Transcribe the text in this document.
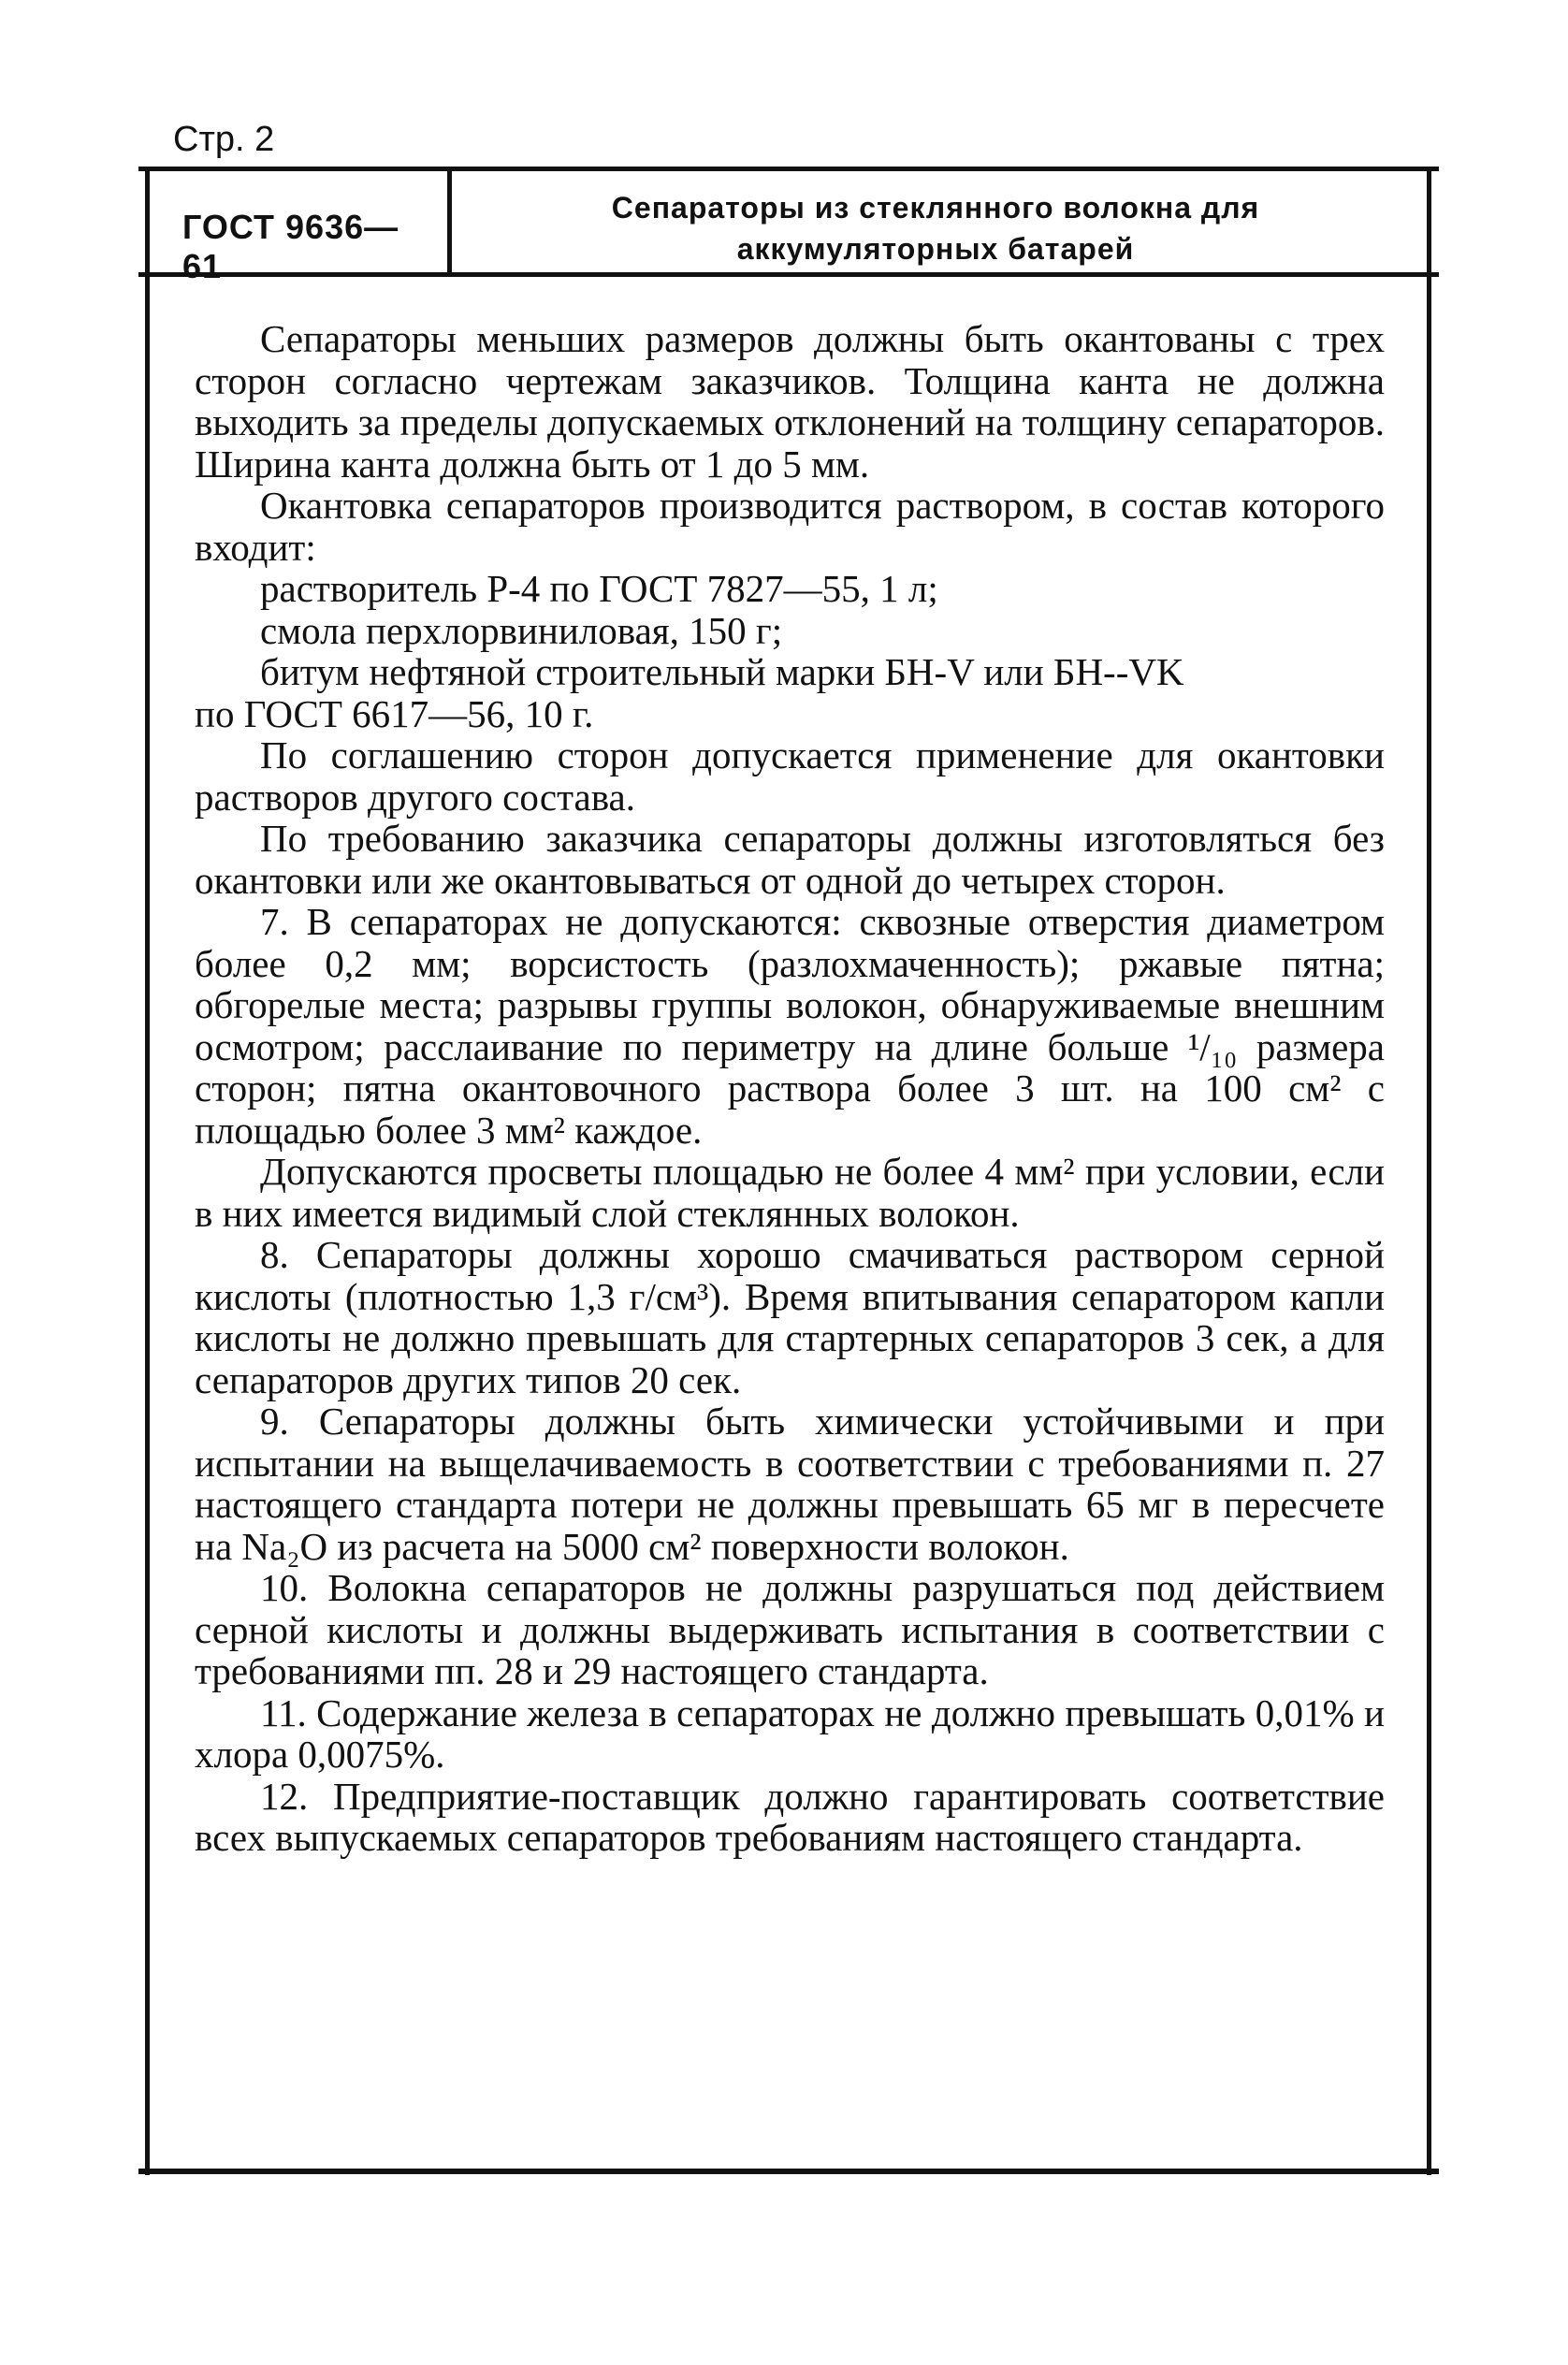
Стр. 2
ГОСТ 9636—61
Сепараторы из стеклянного волокна для
аккумуляторных батарей

Сепараторы меньших размеров должны быть окантованы с трех сторон согласно чертежам заказчиков. Толщина канта не должна выходить за пределы допускаемых отклонений на толщину сепараторов. Ширина канта должна быть от 1 до 5 мм.

Окантовка сепараторов производится раствором, в состав которого входит:

растворитель Р-4 по ГОСТ 7827—55, 1 л;

смола перхлорвиниловая, 150 г;

битум нефтяной строительный марки БН-V или БН--VK

по ГОСТ 6617—56, 10 г.

По соглашению сторон допускается применение для окантовки растворов другого состава.

По требованию заказчика сепараторы должны изготовляться без окантовки или же окантовываться от одной до четырех сторон.

7. В сепараторах не допускаются: сквозные отверстия диаметром более 0,2 мм; ворсистость (разлохмаченность); ржавые пятна; обгорелые места; разрывы группы волокон, обнаруживаемые внешним осмотром; расслаивание по периметру на длине больше ¹/₁₀ размера сторон; пятна окантовочного раствора более 3 шт. на 100 см² с площадью более 3 мм² каждое.

Допускаются просветы площадью не более 4 мм² при условии, если в них имеется видимый слой стеклянных волокон.

8. Сепараторы должны хорошо смачиваться раствором серной кислоты (плотностью 1,3 г/см³). Время впитывания сепаратором капли кислоты не должно превышать для стартерных сепараторов 3 сек, а для сепараторов других типов 20 сек.

9. Сепараторы должны быть химически устойчивыми и при испытании на выщелачиваемость в соответствии с требованиями п. 27 настоящего стандарта потери не должны превышать 65 мг в пересчете на Na₂O из расчета на 5000 см² поверхности волокон.

10. Волокна сепараторов не должны разрушаться под действием серной кислоты и должны выдерживать испытания в соответствии с требованиями пп. 28 и 29 настоящего стандарта.

11. Содержание железа в сепараторах не должно превышать 0,01% и хлора 0,0075%.

12. Предприятие-поставщик должно гарантировать соответствие всех выпускаемых сепараторов требованиям настоящего стандарта.
